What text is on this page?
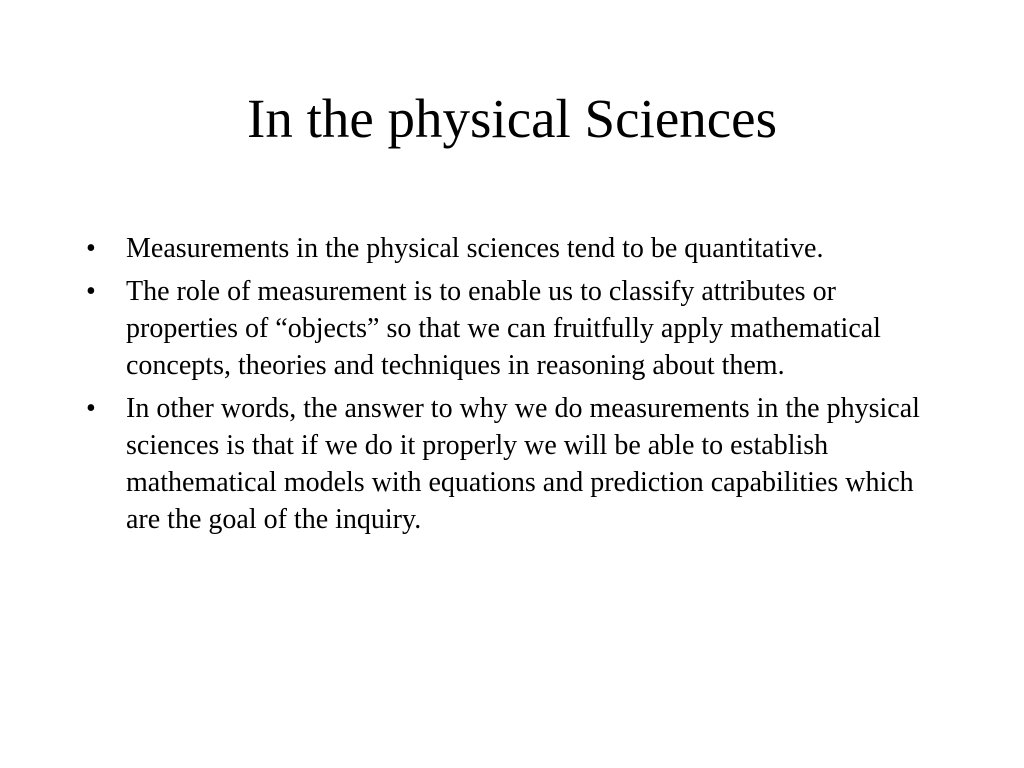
In the physical Sciences
• Measurements in the physical sciences tend to be quantitative.
• The role of measurement is to enable us to classify attributes or properties of “objects” so that we can fruitfully apply mathematical concepts, theories and techniques in reasoning about them.
• In other words, the answer to why we do measurements in the physical sciences is that if we do it properly we will be able to establish mathematical models with equations and prediction capabilities which are the goal of the inquiry.
